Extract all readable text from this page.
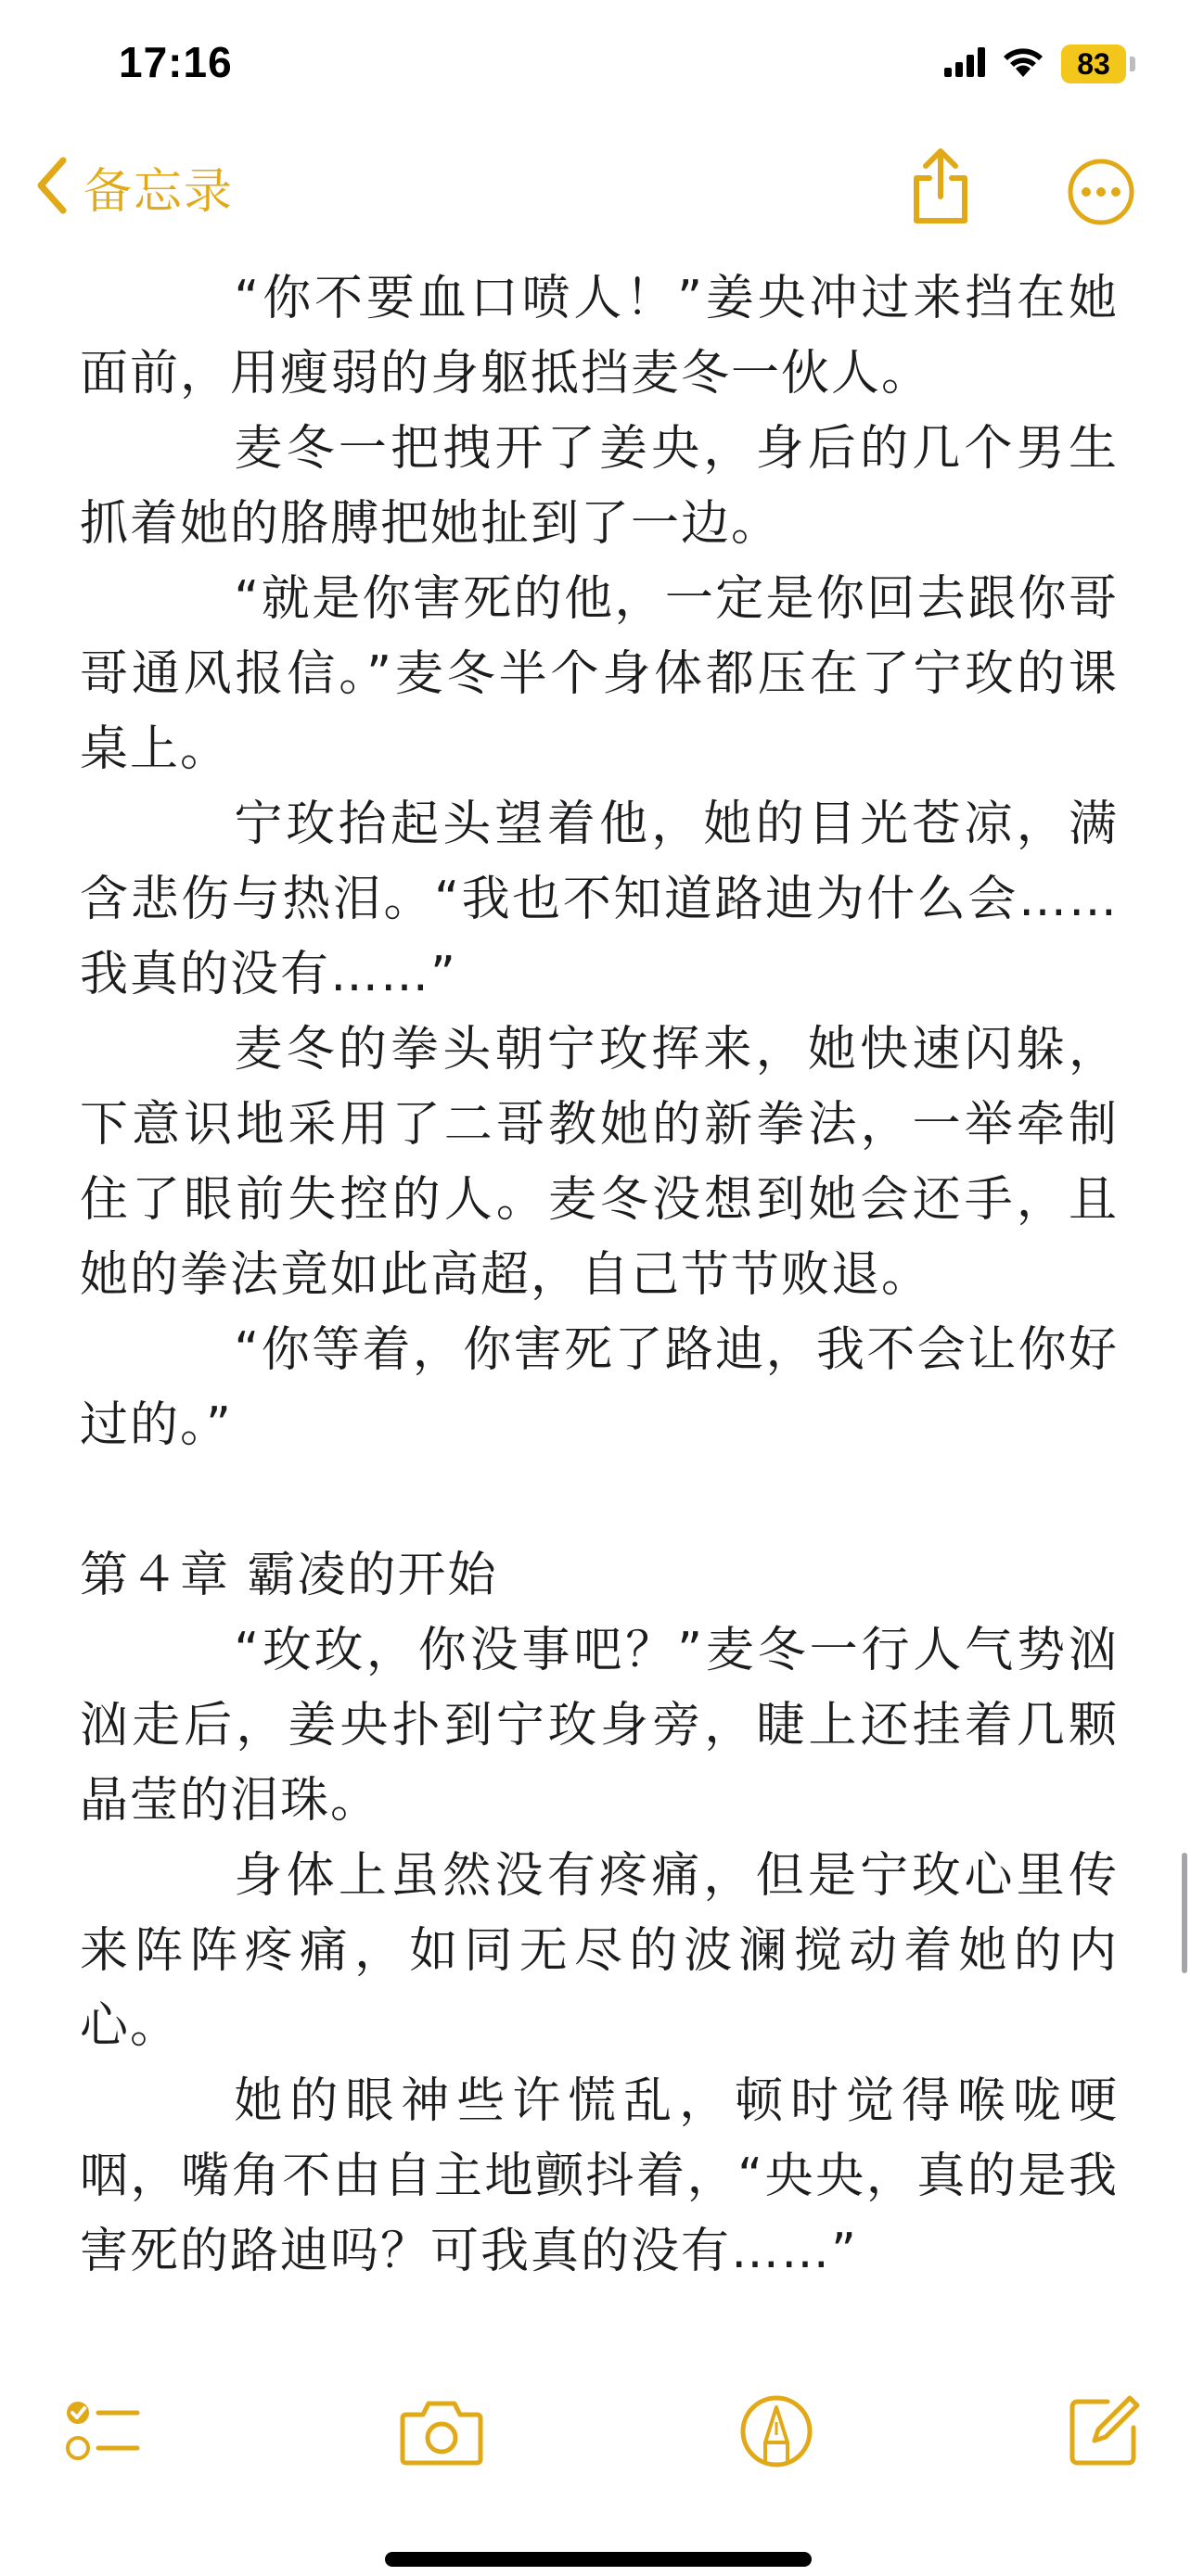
17:16	83
备忘录

“你不要血口喷人！”姜央冲过来挡在她面前，用瘦弱的身躯抵挡麦冬一伙人。

麦冬一把拽开了姜央，身后的几个男生抓着她的胳膊把她扯到了一边。

“就是你害死的他，一定是你回去跟你哥哥通风报信。”麦冬半个身体都压在了宁玫的课桌上。

宁玫抬起头望着他，她的目光苍凉，满含悲伤与热泪。“我也不知道路迪为什么会……我真的没有……”

麦冬的拳头朝宁玫挥来，她快速闪躲，下意识地采用了二哥教她的新拳法，一举牵制住了眼前失控的人。麦冬没想到她会还手，且她的拳法竟如此高超，自己节节败退。

“你等着，你害死了路迪，我不会让你好过的。”

第４章 霸凌的开始

“玫玫，你没事吧？”麦冬一行人气势汹汹走后，姜央扑到宁玫身旁，睫上还挂着几颗晶莹的泪珠。

身体上虽然没有疼痛，但是宁玫心里传来阵阵疼痛，如同无尽的波澜搅动着她的内心。

她的眼神些许慌乱，顿时觉得喉咙哽咽，嘴角不由自主地颤抖着，“央央，真的是我害死的路迪吗？可我真的没有……”
